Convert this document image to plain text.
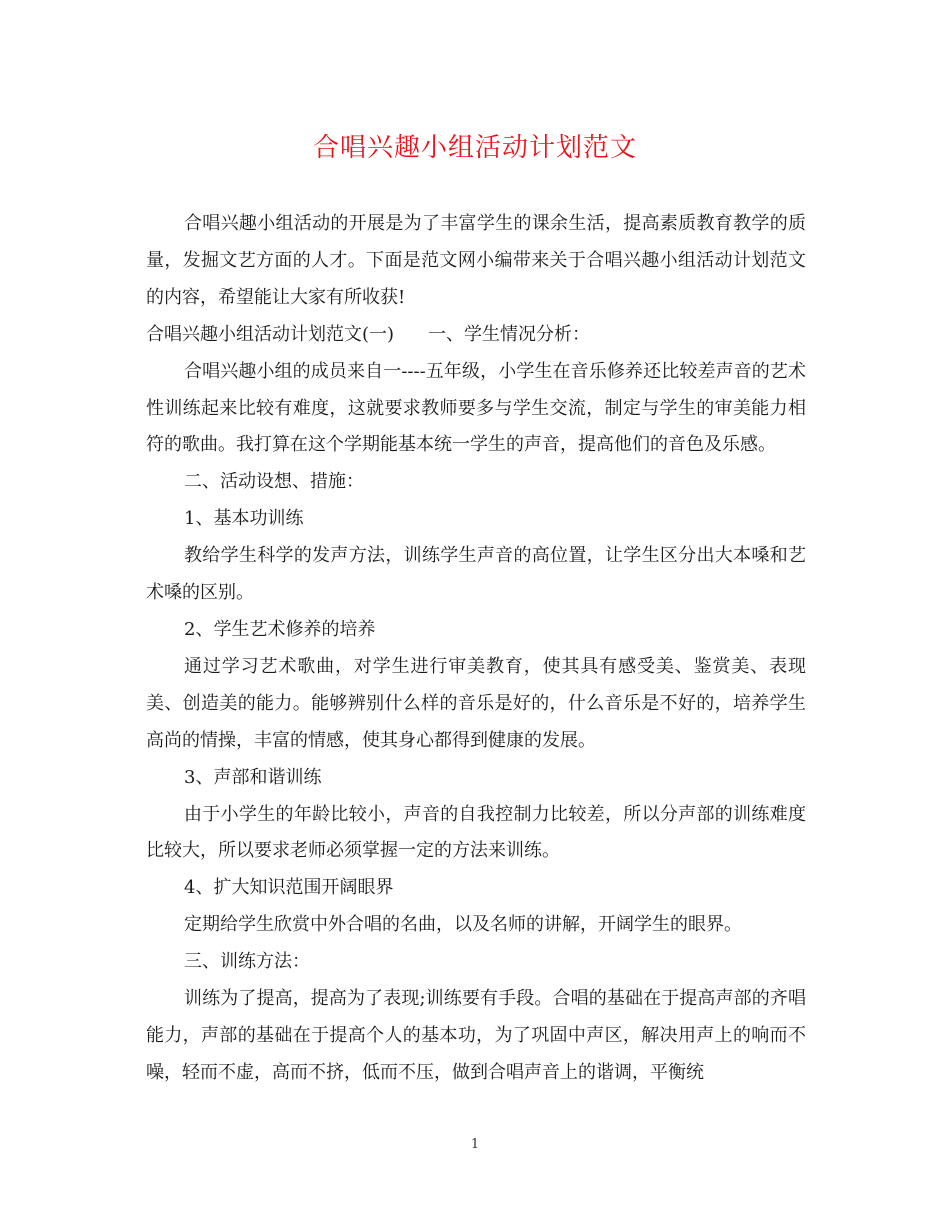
合唱兴趣小组活动计划范文

合唱兴趣小组活动的开展是为了丰富学生的课余生活，提高素质教育教学的质量，发掘文艺方面的人才。下面是范文网小编带来关于合唱兴趣小组活动计划范文的内容，希望能让大家有所收获!

合唱兴趣小组活动计划范文(一) 一、学生情况分析：

合唱兴趣小组的成员来自一----五年级，小学生在音乐修养还比较差声音的艺术性训练起来比较有难度，这就要求教师要多与学生交流，制定与学生的审美能力相符的歌曲。我打算在这个学期能基本统一学生的声音，提高他们的音色及乐感。

二、活动设想、措施：

1、基本功训练

教给学生科学的发声方法，训练学生声音的高位置，让学生区分出大本嗓和艺术嗓的区别。

2、学生艺术修养的培养

通过学习艺术歌曲，对学生进行审美教育，使其具有感受美、鉴赏美、表现美、创造美的能力。能够辨别什么样的音乐是好的，什么音乐是不好的，培养学生高尚的情操，丰富的情感，使其身心都得到健康的发展。

3、声部和谐训练

由于小学生的年龄比较小，声音的自我控制力比较差，所以分声部的训练难度比较大，所以要求老师必须掌握一定的方法来训练。

4、扩大知识范围开阔眼界

定期给学生欣赏中外合唱的名曲，以及名师的讲解，开阔学生的眼界。

三、训练方法：

训练为了提高，提高为了表现;训练要有手段。合唱的基础在于提高声部的齐唱能力，声部的基础在于提高个人的基本功，为了巩固中声区，解决用声上的响而不噪，轻而不虚，高而不挤，低而不压，做到合唱声音上的谐调，平衡统

1
